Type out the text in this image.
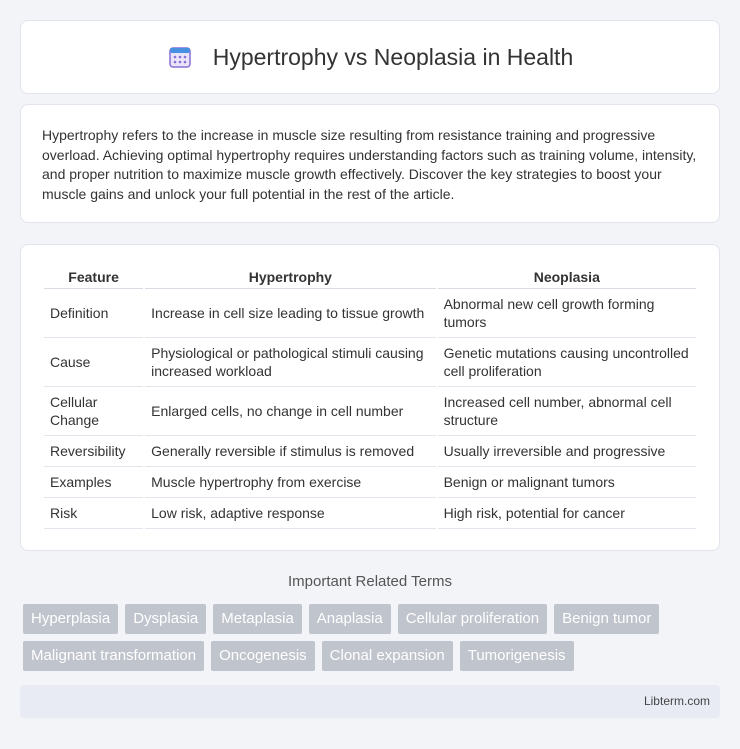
Hypertrophy vs Neoplasia in Health

Hypertrophy refers to the increase in muscle size resulting from resistance training and progressive overload. Achieving optimal hypertrophy requires understanding factors such as training volume, intensity, and proper nutrition to maximize muscle growth effectively. Discover the key strategies to boost your muscle gains and unlock your full potential in the rest of the article.

Feature	Hypertrophy	Neoplasia
Definition	Increase in cell size leading to tissue growth	Abnormal new cell growth forming tumors
Cause	Physiological or pathological stimuli causing increased workload	Genetic mutations causing uncontrolled cell proliferation
Cellular Change	Enlarged cells, no change in cell number	Increased cell number, abnormal cell structure
Reversibility	Generally reversible if stimulus is removed	Usually irreversible and progressive
Examples	Muscle hypertrophy from exercise	Benign or malignant tumors
Risk	Low risk, adaptive response	High risk, potential for cancer
Important Related Terms
Hyperplasia	Dysplasia	Metaplasia	Anaplasia	Cellular proliferation	Benign tumor
Malignant transformation	Oncogenesis	Clonal expansion	Tumorigenesis
Libterm.com
